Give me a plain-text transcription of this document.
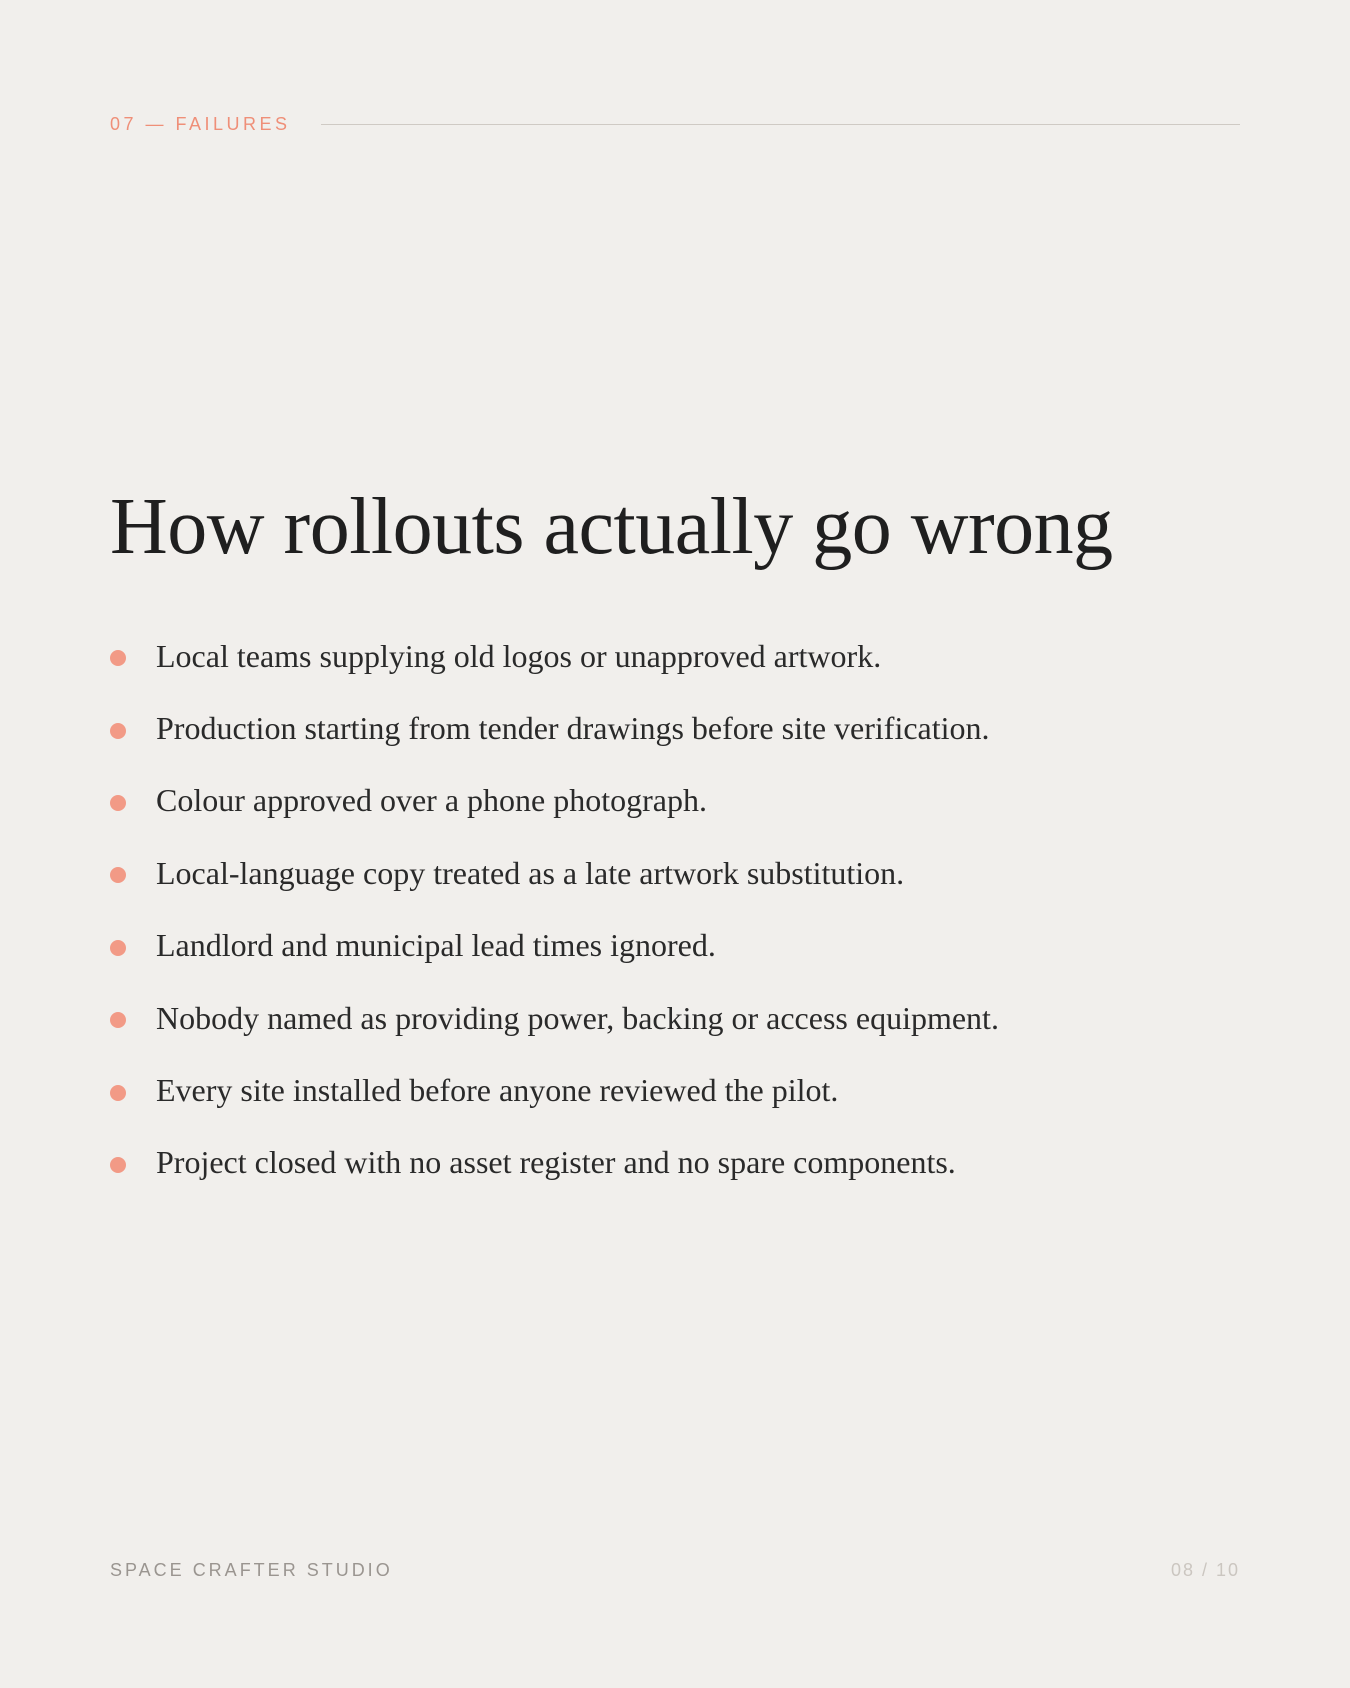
07 — FAILURES
How rollouts actually go wrong
Local teams supplying old logos or unapproved artwork.
Production starting from tender drawings before site verification.
Colour approved over a phone photograph.
Local-language copy treated as a late artwork substitution.
Landlord and municipal lead times ignored.
Nobody named as providing power, backing or access equipment.
Every site installed before anyone reviewed the pilot.
Project closed with no asset register and no spare components.
SPACE CRAFTER STUDIO	08 / 10
